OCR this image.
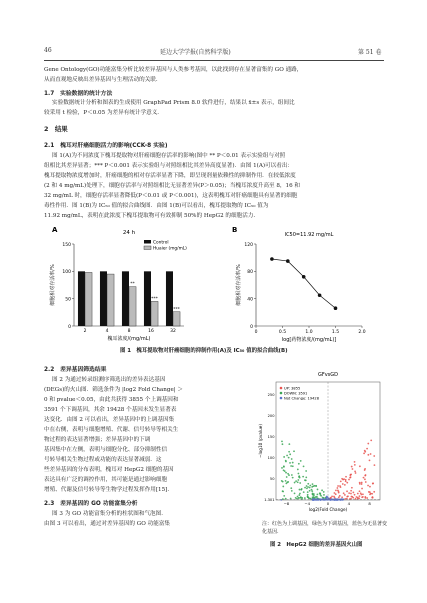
46	延边大学学报(自然科学版)	第 51 卷

Gene Ontology(GO)功能富集分析比较差异基因与人类参考基因，以此找到存在显著富集的 GO 通路，

从而直观地反映出差异基因与生理活动的关联.

1.7　实验数据的统计方法

实验数据统计分析和图表的生成使用 GraphPad Prism 8.0 软件进行，结果以 x̄±s 表示，组间比

较采用 t 检验，P＜0.05 为差异有统计学意义.

2　结果
2.1　槐耳对肝癌细胞活力的影响(CCK-8 实验)

图 1(A)为不同浓度下槐耳提取物对肝癌细胞存活率的影响(图中 ** P＜0.01 表示实验组与对照

组相比其差异显著；*** P＜0.001 表示实验组与对照组相比其差异高度显著)．由图 1(A)可以看出：

槐耳提取物浓度增加时，肝癌细胞的相对存活率显著下降，即呈现剂量依赖性的抑制作用．在较低浓度

(2 和 4 mg/mL)处理下，细胞存活率与对照组相比无显著差异(P＞0.05)；当槐耳浓度升高至 8，16 和

32 mg/mL 时，细胞存活率显著降低(P＜0.01 或 P＜0.001)，这表明槐耳对肝癌细胞具有显著的细胞

毒性作用．图 1(B)为 IC₅₀ 值的拟合曲线图．由图 1(B)可以看出，槐耳提取物的 IC₅₀ 值为

11.92 mg/mL，表明在此浓度下槐耳提取物可有效抑制 50%的 HepG2 的细胞活力.

A	24 h
0
50
100
150
2	4	8
**
16
***
32
***
槐耳浓度/(mg/mL)
细胞相对存活率/%
Control
Huaier (mg/mL)
B
0
40
80
120
0	0.5	1.0	1.5	2.0
IC50=11.92 mg/mL
log[药物浓度/(mg/mL)]
细胞相对存活率/%
图 1　槐耳提取物对肝癌细胞的抑制作用(A)及 IC₅₀ 值的拟合曲线(B)
2.2　差异基因筛选结果

图 2 为通过转录组测序筛选出的差异表达基因

(DEGs)的火山图．筛选条件为 |log2 Fold Change| ＞

0 和 pvalue＜0.05，由此共获得 3855 个上调基因和

3591 个下调基因，其余 19428 个基因未发生显著表

达变化．由图 2 可以看出，差异基因中的上调基因集

中在右侧，表明与细胞增殖、代谢、信号转导等相关生

物过程的表达显著增强；差异基因中的下调

基因集中在左侧，表明与细胞分化、部分抑制性信

号转导相关生物过程或功能的表达显著减弱．这

些差异基因的分布表明，槐耳对 HepG2 细胞的基因

表达具有广泛的调控作用，其可能是通过影响细胞

增殖、代谢及信号转导等生物学过程发挥作用[15].

2.3　差异基因的 GO 功能富集分析

图 3 为 GO 功能富集分析的柱状图和气泡图．

由图 3 可以看出，通过对差异基因的 GO 功能富集

GFvsGD
UP: 3855
DOWN: 3591
Not Change: 19428
−8	−4	0	4	8
1.301
50
100
150
200
250
log2(Fold Change)
−log10 (pvalue)
注：红色为上调基因，绿色为下调基因，蓝色为无显著变化基因.
图 2　HepG2 细胞的差异基因火山图
